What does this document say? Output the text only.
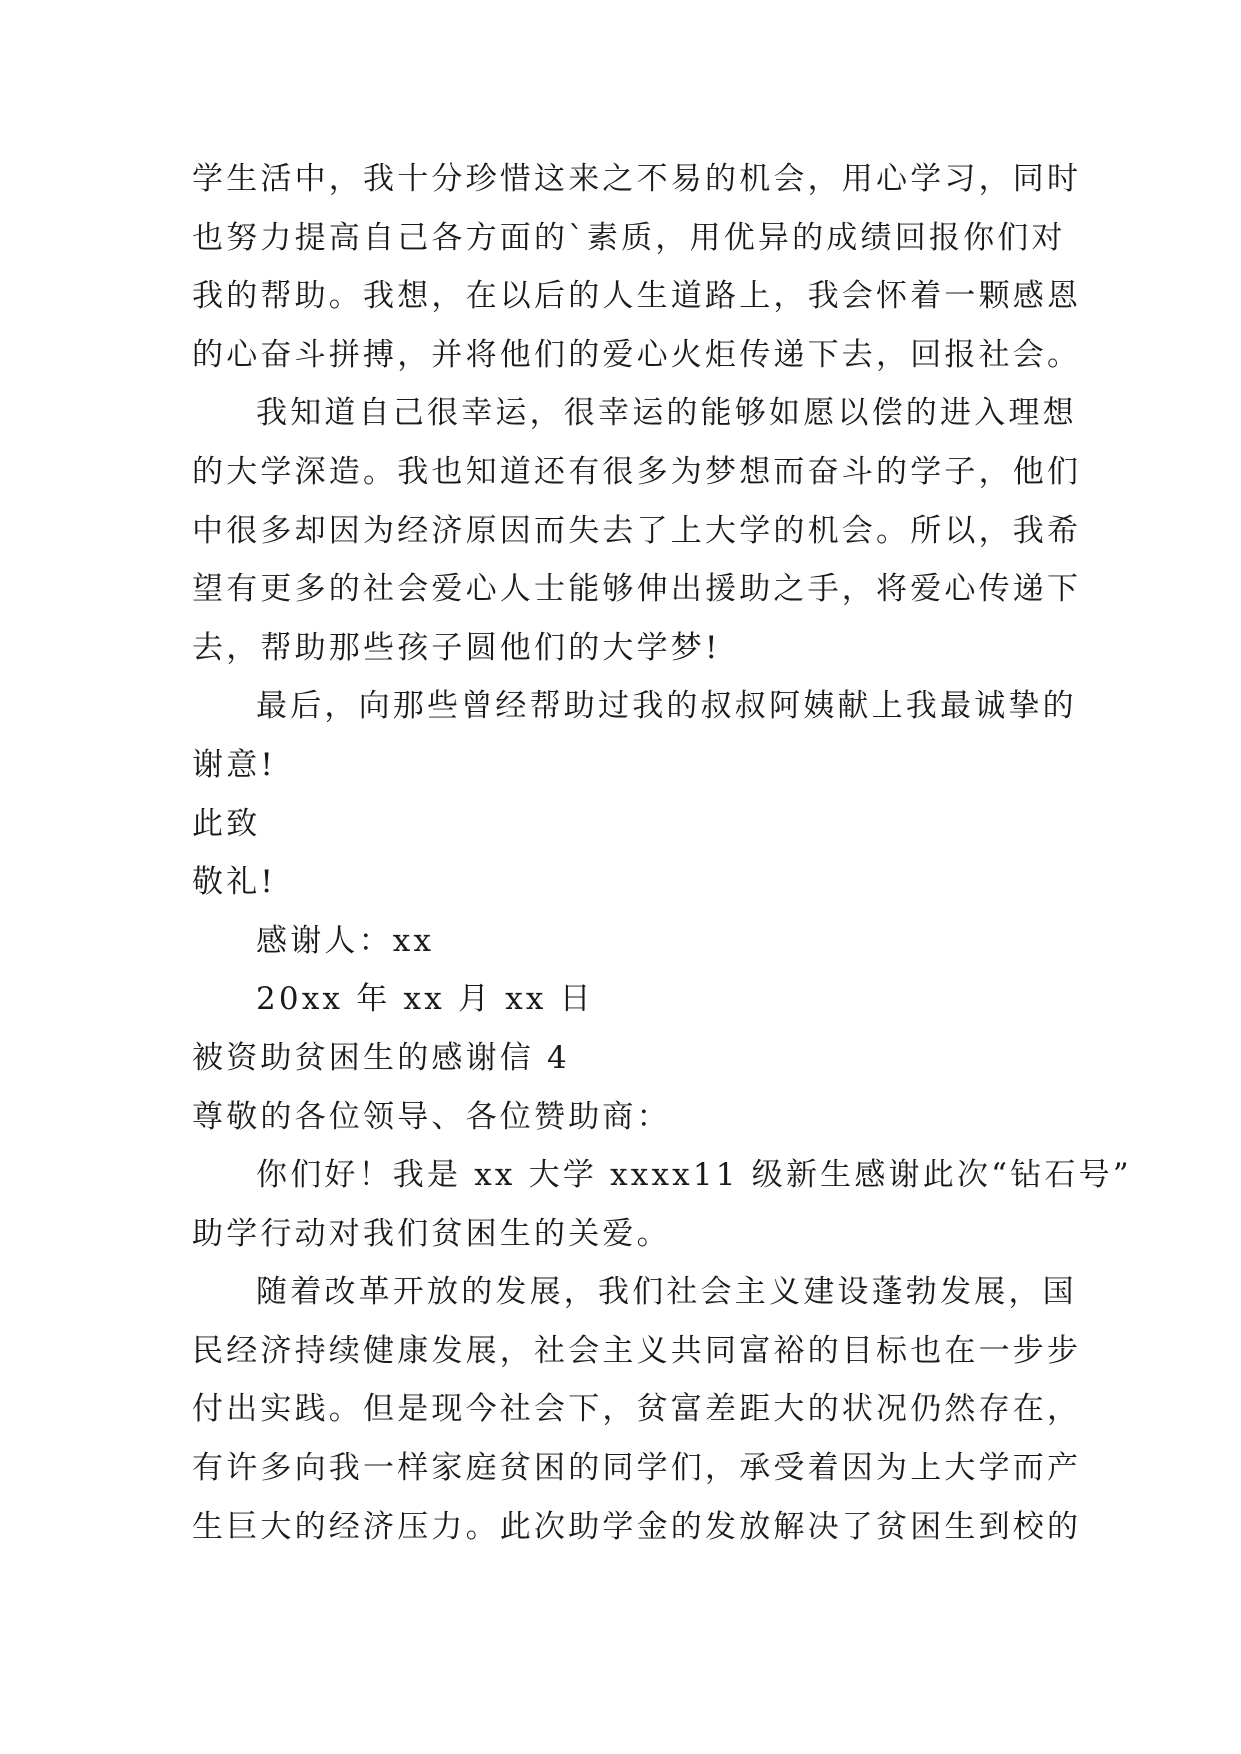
学生活中，我十分珍惜这来之不易的机会，用心学习，同时
也努力提高自己各方面的`素质，用优异的成绩回报你们对
我的帮助。我想，在以后的人生道路上，我会怀着一颗感恩
的心奋斗拼搏，并将他们的爱心火炬传递下去，回报社会。
我知道自己很幸运，很幸运的能够如愿以偿的进入理想
的大学深造。我也知道还有很多为梦想而奋斗的学子，他们
中很多却因为经济原因而失去了上大学的机会。所以，我希
望有更多的社会爱心人士能够伸出援助之手，将爱心传递下
去，帮助那些孩子圆他们的大学梦!
最后，向那些曾经帮助过我的叔叔阿姨献上我最诚挚的
谢意!
此致
敬礼!
感谢人：xx
20xx 年 xx 月 xx 日
被资助贫困生的感谢信 4
尊敬的各位领导、各位赞助商：
你们好！我是 xx 大学 xxxx11 级新生感谢此次“钻石号”
助学行动对我们贫困生的关爱。
随着改革开放的发展，我们社会主义建设蓬勃发展，国
民经济持续健康发展，社会主义共同富裕的目标也在一步步
付出实践。但是现今社会下，贫富差距大的状况仍然存在，
有许多向我一样家庭贫困的同学们，承受着因为上大学而产
生巨大的经济压力。此次助学金的发放解决了贫困生到校的
